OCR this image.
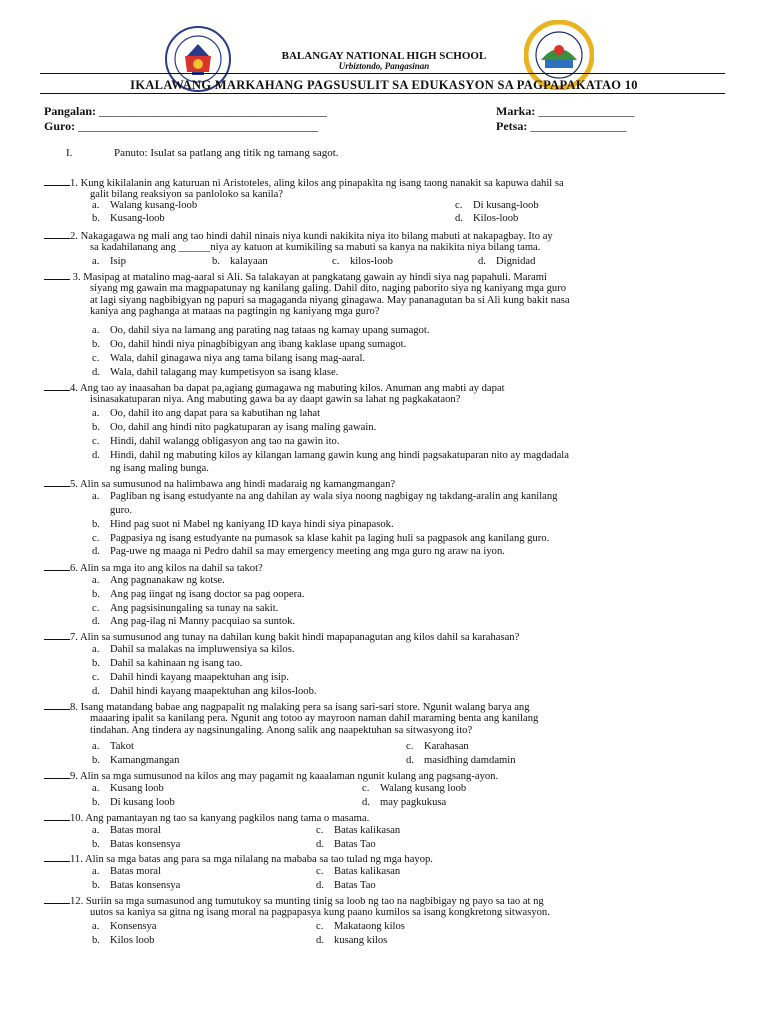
BALANGAY NATIONAL HIGH SCHOOL
Urbiztondo, Pangasinan
IKALAWANG MARKAHANG PAGSUSULIT SA EDUKASYON SA PAGPAPAKATAO 10
Pangalan: ______________________________________
Guro: ________________________________________
Marka: ________________
Petsa: ________________
I.	Panuto: Isulat sa patlang ang titik ng tamang sagot.
1. Kung kikilalanin ang katuruan ni Aristoteles, aling kilos ang pinapakita ng isang taong nanakit sa kapuwa dahil sa
galit bilang reaksiyon sa panloloko sa kanila?
a. Walang kusang-loob
b. Kusang-loob
c. Di kusang-loob
d. Kilos-loob
2. Nakagagawa ng mali ang tao hindi dahil ninais niya kundi nakikita niya ito bilang mabuti at nakapagbay. Ito ay
sa kadahilanang ang ______niya ay katuon at kumikiling sa mabuti sa kanya na nakikita niya bilang tama.
a. Isip	b. kalayaan	c. kilos-loob	d. Dignidad
3. Masipag at matalino mag-aaral si Ali. Sa talakayan at pangkatang gawain ay hindi siya nag papahuli. Marami
siyang mg gawain ma magpapatunay ng kanilang galing. Dahil dito, naging paborito siya ng kaniyang mga guro
at lagi siyang nagbibigyan ng papuri sa magaganda niyang ginagawa. May pananagutan ba si Ali kung bakit nasa
kaniya ang paghanga at mataas na pagtingin ng kaniyang mga guro?
a. Oo, dahil siya na lamang ang parating nag tataas ng kamay upang sumagot.
b. Oo, dahil hindi niya pinagbibigyan ang ibang kaklase upang sumagot.
c. Wala, dahil ginagawa niya ang tama bilang isang mag-aaral.
d. Wala, dahil talagang may kumpetisyon sa isang klase.
4. Ang tao ay inaasahan ba dapat pa,agiang gumagawa ng mabuting kilos. Anuman ang mabti ay dapat
isinasakatuparan niya. Ang mabuting gawa ba ay daapt gawin sa lahat ng pagkakataon?
a. Oo, dahil ito ang dapat para sa kabutihan ng lahat
b. Oo, dahil ang hindi nito pagkatuparan ay isang maling gawain.
c. Hindi, dahil walangg obligasyon ang tao na gawin ito.
d. Hindi, dahil ng mabuting kilos ay kilangan lamang gawin kung ang hindi pagsakatuparan nito ay magdadala
ng isang maling bunga.
5. Alin sa sumusunod na halimbawa ang hindi madaraig ng kamangmangan?
a. Pagliban ng isang estudyante na ang dahilan ay wala siya noong nagbigay ng takdang-aralin ang kanilang
guro.
b. Hind pag suot ni Mabel ng kaniyang ID kaya hindi siya pinapasok.
c. Pagpasiya ng isang estudyante na pumasok sa klase kahit pa laging huli sa pagpasok ang kanilang guro.
d. Pag-uwe ng maaga ni Pedro dahil sa may emergency meeting ang mga guro ng araw na iyon.
6. Alin sa mga ito ang kilos na dahil sa takot?
a. Ang pagnanakaw ng kotse.
b. Ang pag iingat ng isang doctor sa pag oopera.
c. Ang pagsisinungaling sa tunay na sakit.
d. Ang pag-ilag ni Manny pacquiao sa suntok.
7. Alin sa sumusunod ang tunay na dahilan kung bakit hindi mapapanagutan ang kilos dahil sa karahasan?
a. Dahil sa malakas na impluwensiya sa kilos.
b. Dahil sa kahinaan ng isang tao.
c. Dahil hindi kayang maapektuhan ang isip.
d. Dahil hindi kayang maapektuhan ang kilos-loob.
8. Isang matandang babae ang nagpapalit ng malaking pera sa isang sari-sari store. Ngunit walang barya ang
maaaring ipalit sa kanilang pera. Ngunit ang totoo ay mayroon naman dahil maraming benta ang kanilang
tindahan. Ang tindera ay nagsinungaling. Anong salik ang naapektuhan sa sitwasyong ito?
a. Takot
b. Kamangmangan
c. Karahasan
d. masidhing damdamin
9. Alin sa mga sumusunod na kilos ang may pagamit ng kaaalaman ngunit kulang ang pagsang-ayon.
a. Kusang loob
b. Di kusang loob
c. Walang kusang loob
d. may pagkukusa
10. Ang pamantayan ng tao sa kanyang pagkilos nang tama o masama.
a. Batas moral
b. Batas konsensya
c. Batas kalikasan
d. Batas Tao
11. Alin sa mga batas ang para sa mga nilalang na mababa sa tao tulad ng mga hayop.
a. Batas moral
b. Batas konsensya
c. Batas kalikasan
d. Batas Tao
12. Suriin sa mga sumasunod ang tumutukoy sa munting tinig sa loob ng tao na nagbibigay ng payo sa tao at ng
uutos sa kaniya sa gitna ng isang moral na pagpapasya kung paano kumilos sa isang kongkretong sitwasyon.
a. Konsensya
b. Kilos loob
c. Makataong kilos
d. kusang kilos
